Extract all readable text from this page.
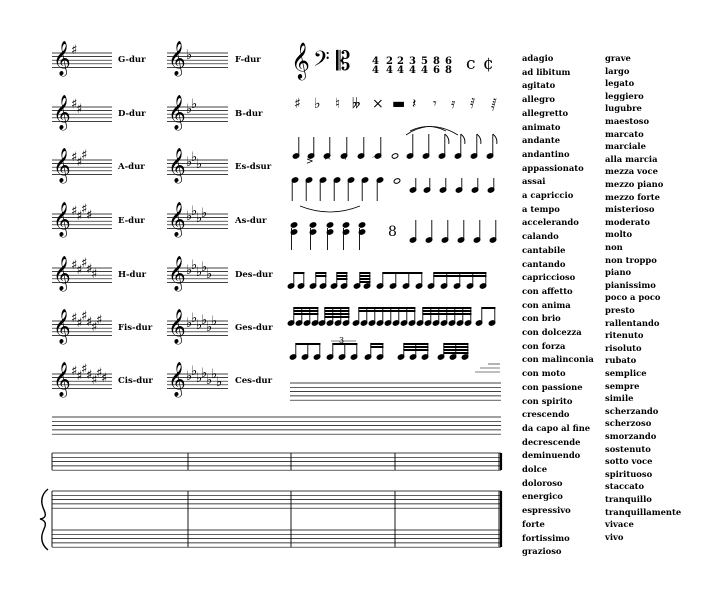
𝄞	𝄞
♯	♭
G-dur	F-dur
𝄞	𝄞
♯
♯	♭
♭
D-dur	B-dur
𝄞	𝄞
♯
♯
♯	♭
♭
♭
A-dur	Es-dsur
𝄞	𝄞
♯
♯
♯
♯	♭
♭
♭
♭
E-dur	As-dur
𝄞	𝄞
♯
♯
♯
♯
♯	♭
♭
♭
♭
♭
H-dur	Des-dur
𝄞	𝄞
♯
♯
♯
♯
♯
♯	♭
♭
♭
♭
♭
♭
Fis-dur	Ges-dur
𝄞	𝄞
♯
♯
♯
♯
♯
♯
♯	♭
♭
♭
♭
♭
♭
♭
Cis-dur	Ces-dur
𝄞 𝄢 𝄡 4
4
2
4
2
4
3
4
5
4
8
6
6
8 c ¢
♯ ♭ ♮ 𝄫 × ▬ 𝄽 𝄾 𝄿 𝅀 𝅁
> ^ ·	⌒
8
3
adagio
ad libitum
agitato
allegro
allegretto
animato
andante
andantino
appassionato
assai
a capriccio
a tempo
accelerando
calando
cantabile
cantando
capriccioso
con affetto
con anima
con brio
con dolcezza
con forza
con malinconia
con moto
con passione
con spirito
crescendo
da capo al fine
decrescende
deminuendo
dolce
doloroso
energico
espressivo
forte
fortissimo
grazioso
grave
largo
legato
leggiero
lugubre
maestoso
marcato
marciale
alla marcia
mezza voce
mezzo piano
mezzo forte
misterioso
moderato
molto
non
non troppo
piano
pianissimo
poco a poco
presto
rallentando
ritenuto
risoluto
rubato
semplice
sempre
simile
scherzando
scherzoso
smorzando
sostenuto
sotto voce
spirituoso
staccato
tranquillo
tranquillamente
vivace
vivo
